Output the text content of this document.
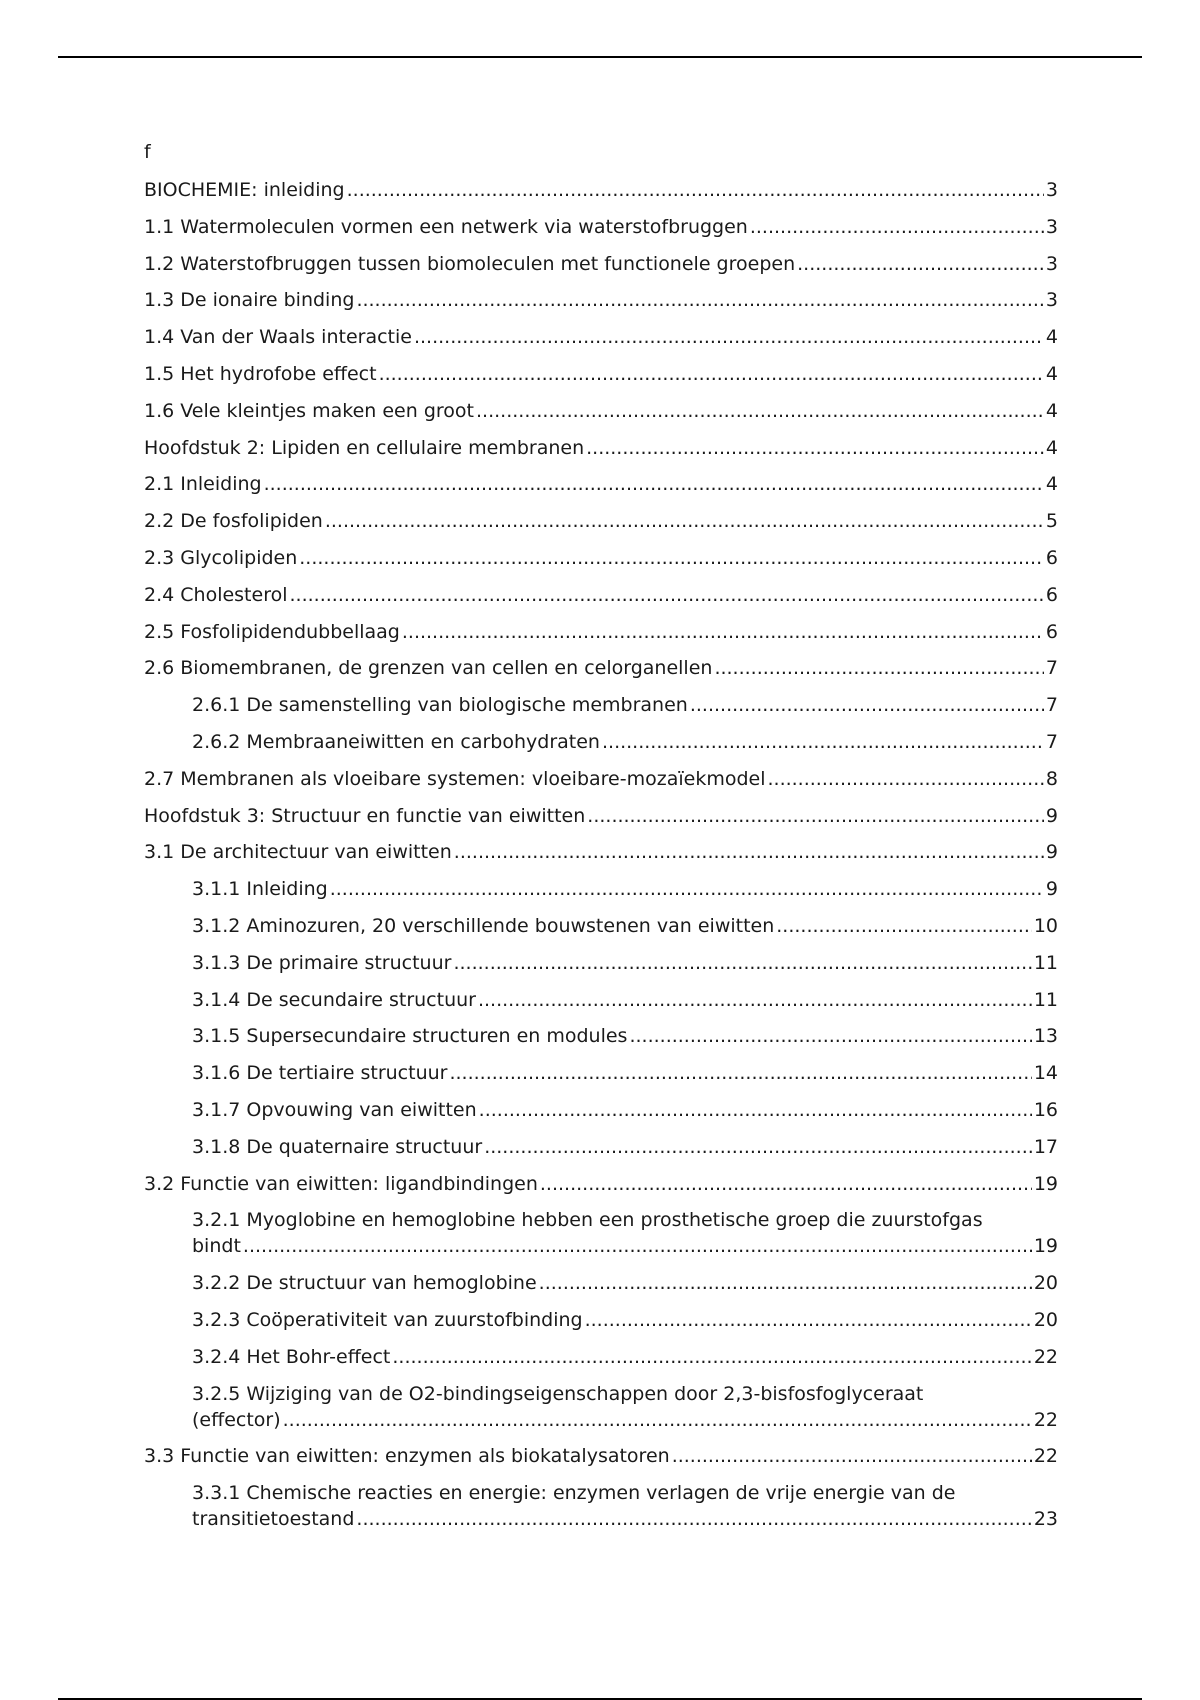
f
BIOCHEMIE: inleiding .....	3
1.1 Watermoleculen vormen een netwerk via waterstofbruggen .....	3
1.2 Waterstofbruggen tussen biomoleculen met functionele groepen .....	3
1.3 De ionaire binding .....	3
1.4 Van der Waals interactie .....	4
1.5 Het hydrofobe effect .....	4
1.6 Vele kleintjes maken een groot .....	4
Hoofdstuk 2: Lipiden en cellulaire membranen .....	4
2.1 Inleiding .....	4
2.2 De fosfolipiden .....	5
2.3 Glycolipiden .....	6
2.4 Cholesterol .....	6
2.5 Fosfolipidendubbellaag .....	6
2.6 Biomembranen, de grenzen van cellen en celorganellen .....	7
2.6.1 De samenstelling van biologische membranen .....	7
2.6.2 Membraaneiwitten en carbohydraten .....	7
2.7 Membranen als vloeibare systemen: vloeibare-mozaïekmodel .....	8
Hoofdstuk 3: Structuur en functie van eiwitten .....	9
3.1 De architectuur van eiwitten .....	9
3.1.1 Inleiding .....	9
3.1.2 Aminozuren, 20 verschillende bouwstenen van eiwitten .....	10
3.1.3 De primaire structuur .....	11
3.1.4 De secundaire structuur .....	11
3.1.5 Supersecundaire structuren en modules .....	13
3.1.6 De tertiaire structuur .....	14
3.1.7 Opvouwing van eiwitten .....	16
3.1.8 De quaternaire structuur .....	17
3.2 Functie van eiwitten: ligandbindingen .....	19
3.2.1 Myoglobine en hemoglobine hebben een prosthetische groep die zuurstofgas
bindt .....	19
3.2.2 De structuur van hemoglobine .....	20
3.2.3 Coöperativiteit van zuurstofbinding .....	20
3.2.4 Het Bohr-effect .....	22
3.2.5 Wijziging van de O2-bindingseigenschappen door 2,3-bisfosfoglyceraat
(effector) .....	22
3.3 Functie van eiwitten: enzymen als biokatalysatoren .....	22
3.3.1 Chemische reacties en energie: enzymen verlagen de vrije energie van de
transitietoestand .....	23
